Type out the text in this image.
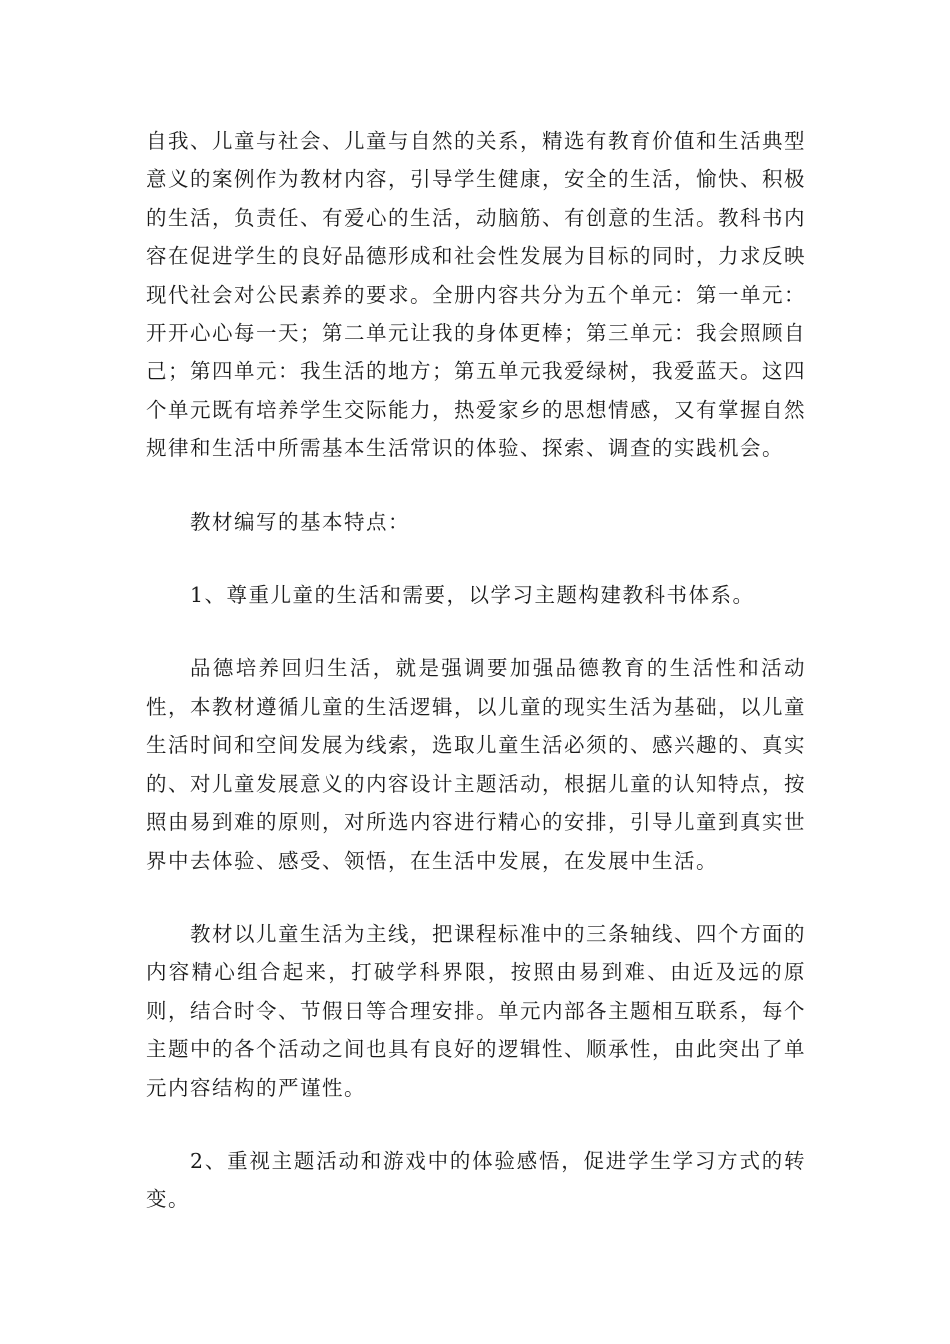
自我、儿童与社会、儿童与自然的关系，精选有教育价值和生活典型意义的案例作为教材内容，引导学生健康，安全的生活，愉快、积极的生活，负责任、有爱心的生活，动脑筋、有创意的生活。教科书内容在促进学生的良好品德形成和社会性发展为目标的同时，力求反映现代社会对公民素养的要求。全册内容共分为五个单元：第一单元：开开心心每一天；第二单元让我的身体更棒；第三单元：我会照顾自己；第四单元：我生活的地方；第五单元我爱绿树，我爱蓝天。这四个单元既有培养学生交际能力，热爱家乡的思想情感，又有掌握自然规律和生活中所需基本生活常识的体验、探索、调查的实践机会。

教材编写的基本特点：

1、尊重儿童的生活和需要，以学习主题构建教科书体系。

品德培养回归生活，就是强调要加强品德教育的生活性和活动性，本教材遵循儿童的生活逻辑，以儿童的现实生活为基础，以儿童生活时间和空间发展为线索，选取儿童生活必须的、感兴趣的、真实的、对儿童发展意义的内容设计主题活动，根据儿童的认知特点，按照由易到难的原则，对所选内容进行精心的安排，引导儿童到真实世界中去体验、感受、领悟，在生活中发展，在发展中生活。

教材以儿童生活为主线，把课程标准中的三条轴线、四个方面的内容精心组合起来，打破学科界限，按照由易到难、由近及远的原则，结合时令、节假日等合理安排。单元内部各主题相互联系，每个主题中的各个活动之间也具有良好的逻辑性、顺承性，由此突出了单元内容结构的严谨性。

2、重视主题活动和游戏中的体验感悟，促进学生学习方式的转变。
